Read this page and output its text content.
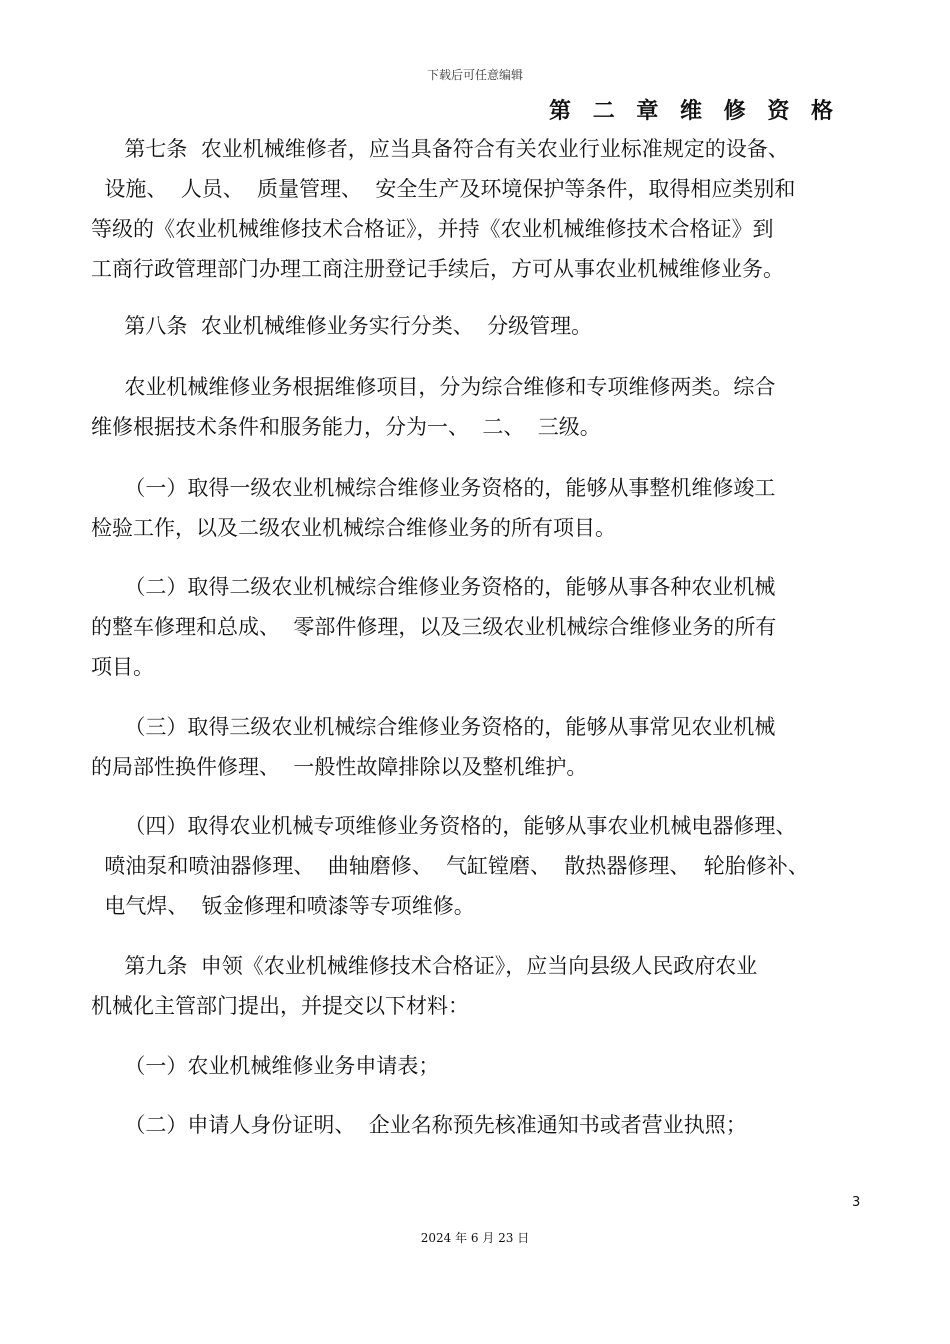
下载后可任意编辑
第 二 章 维 修 资 格
第七条  农业机械维修者，应当具备符合有关农业行业标准规定的设备、
设施、  人员、  质量管理、  安全生产及环境保护等条件，取得相应类别和
等级的《农业机械维修技术合格证》，并持《农业机械维修技术合格证》到
工商行政管理部门办理工商注册登记手续后，方可从事农业机械维修业务。
第八条  农业机械维修业务实行分类、  分级管理。
农业机械维修业务根据维修项目，分为综合维修和专项维修两类。综合
维修根据技术条件和服务能力，分为一、  二、  三级。
（一）取得一级农业机械综合维修业务资格的，能够从事整机维修竣工
检验工作，以及二级农业机械综合维修业务的所有项目。
（二）取得二级农业机械综合维修业务资格的，能够从事各种农业机械
的整车修理和总成、  零部件修理，以及三级农业机械综合维修业务的所有
项目。
（三）取得三级农业机械综合维修业务资格的，能够从事常见农业机械
的局部性换件修理、  一般性故障排除以及整机维护。
（四）取得农业机械专项维修业务资格的，能够从事农业机械电器修理、
喷油泵和喷油器修理、  曲轴磨修、  气缸镗磨、  散热器修理、  轮胎修补、
电气焊、  钣金修理和喷漆等专项维修。
第九条  申领《农业机械维修技术合格证》，应当向县级人民政府农业
机械化主管部门提出，并提交以下材料：
（一）农业机械维修业务申请表；
（二）申请人身份证明、  企业名称预先核准通知书或者营业执照；
3
2024 年 6 月 23 日
